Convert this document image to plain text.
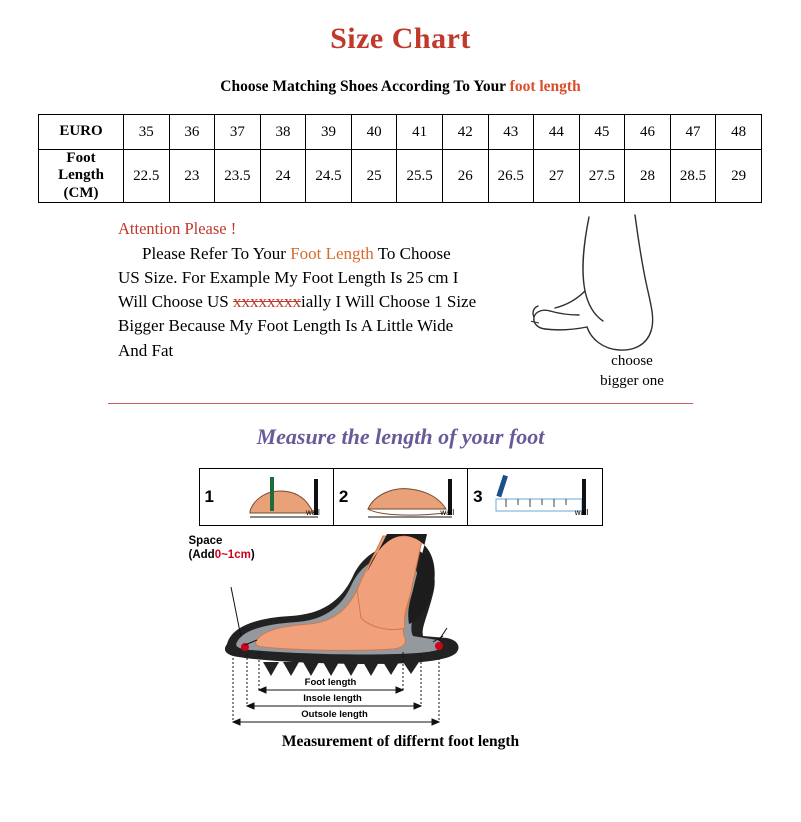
Size Chart
Choose Matching Shoes According To Your foot length
EURO	35	36	37	38	39	40	41	42	43	44	45	46	47	48

Foot
Length
(CM)	22.5	23	23.5	24	24.5	25	25.5	26	26.5	27	27.5	28	28.5	29
Attention Please !
Please Refer To Your Foot Length To Choose
US Size. For Example My Foot Length Is 25 cm I
Will Choose US xxxxxxxxially I Will Choose 1 Size
Bigger Because My Foot Length Is A Little Wide
And Fat
choose
bigger one
Measure the length of your foot
1
wall
2
wall
3
wall
Space
(Add0~1cm)
Foot length
Insole length
Outsole length
Measurement of differnt foot length
